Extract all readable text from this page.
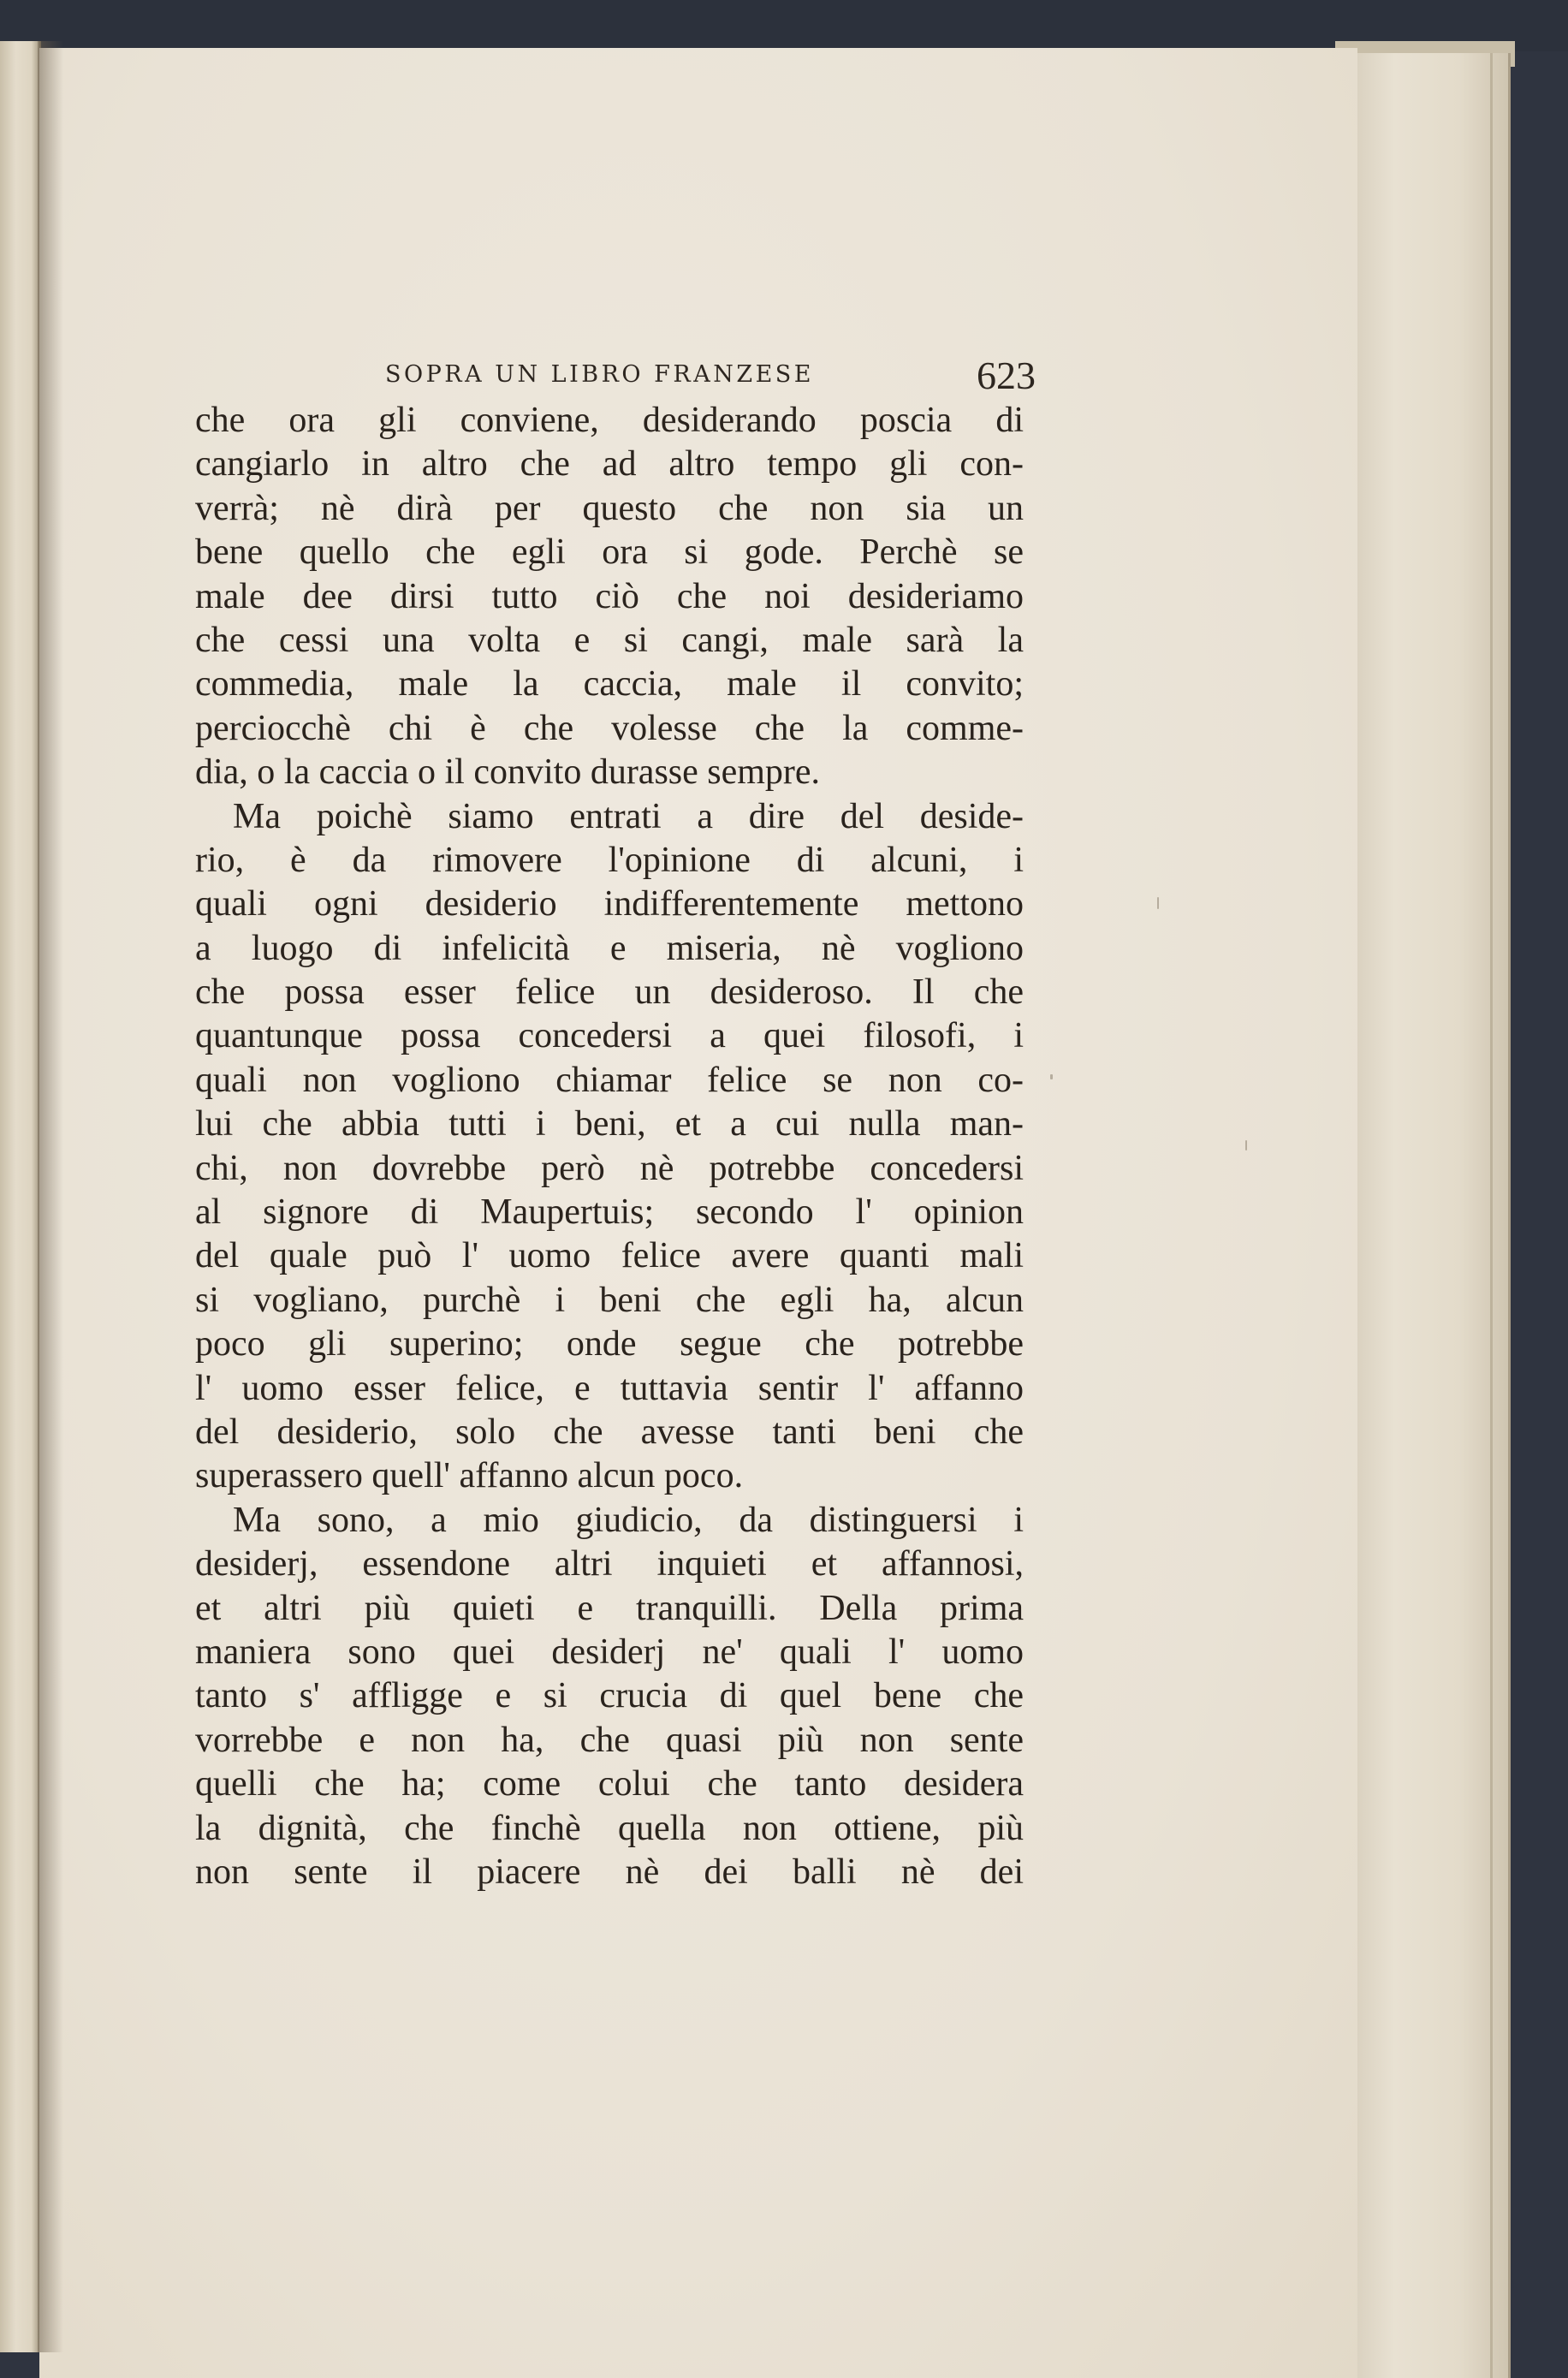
SOPRA UN LIBRO FRANZESE	623
che ora gli conviene, desiderando poscia di
cangiarlo in altro che ad altro tempo gli con-
verrà; nè dirà per questo che non sia un
bene quello che egli ora si gode. Perchè se
male dee dirsi tutto ciò che noi desideriamo
che cessi una volta e si cangi, male sarà la
commedia, male la caccia, male il convito;
perciocchè chi è che volesse che la comme-
dia, o la caccia o il convito durasse sempre.
Ma poichè siamo entrati a dire del deside-
rio, è da rimovere l'opinione di alcuni, i
quali ogni desiderio indifferentemente mettono
a luogo di infelicità e miseria, nè vogliono
che possa esser felice un desideroso. Il che
quantunque possa concedersi a quei filosofi, i
quali non vogliono chiamar felice se non co-
lui che abbia tutti i beni, et a cui nulla man-
chi, non dovrebbe però nè potrebbe concedersi
al signore di Maupertuis; secondo l' opinion
del quale può l' uomo felice avere quanti mali
si vogliano, purchè i beni che egli ha, alcun
poco gli superino; onde segue che potrebbe
l' uomo esser felice, e tuttavia sentir l' affanno
del desiderio, solo che avesse tanti beni che
superassero quell' affanno alcun poco.
Ma sono, a mio giudicio, da distinguersi i
desiderj, essendone altri inquieti et affannosi,
et altri più quieti e tranquilli. Della prima
maniera sono quei desiderj ne' quali l' uomo
tanto s' affligge e si crucia di quel bene che
vorrebbe e non ha, che quasi più non sente
quelli che ha; come colui che tanto desidera
la dignità, che finchè quella non ottiene, più
non sente il piacere nè dei balli nè dei
